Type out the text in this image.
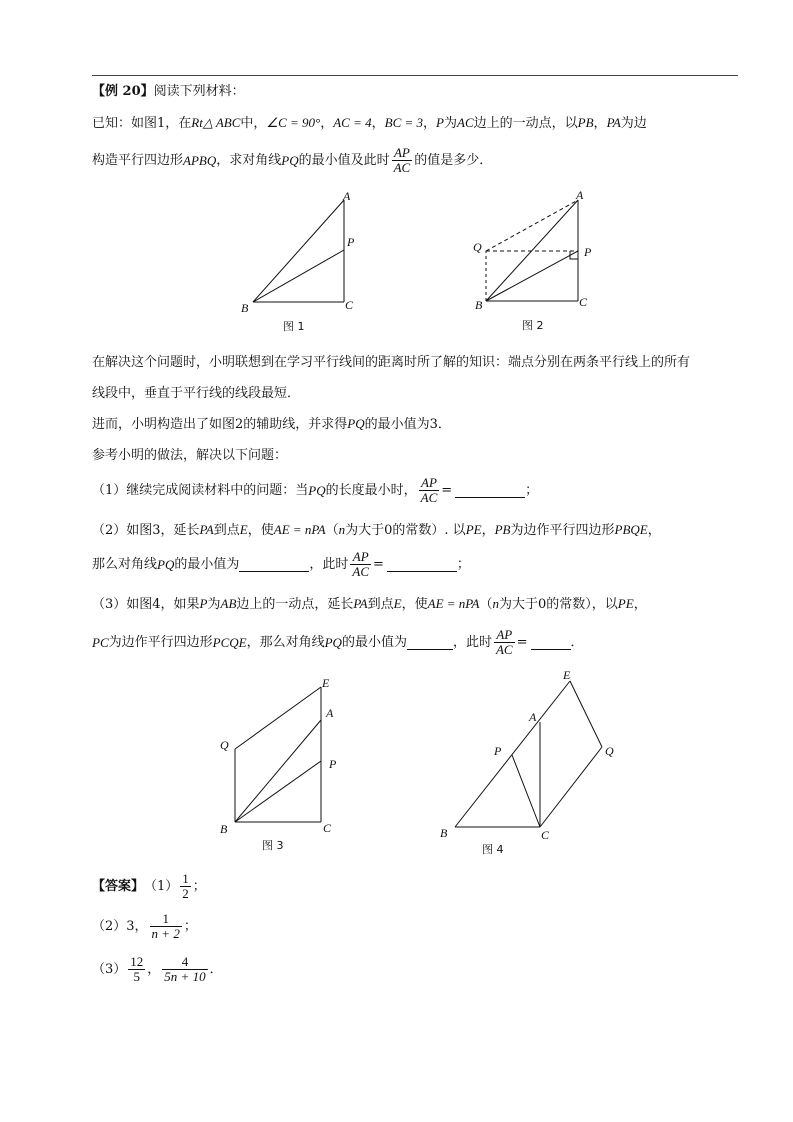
【例 20】阅读下列材料：
已知：如图1，在Rt△ ABC中，∠C = 90°，AC = 4，BC = 3，P为AC边上的一动点，以PB，PA为边
构造平行四边形 APBQ ，求对角线 PQ 的最小值及此时 $\frac{AP}{AC}$ 的值是多少．
A
P
B	C
图 1
A
Q	P
B	C
图 2
在解决这个问题时，小明联想到在学习平行线间的距离时所了解的知识：端点分别在两条平行线上的所有
线段中，垂直于平行线的线段最短．
进而，小明构造出了如图2的辅助线，并求得PQ的最小值为3．
参考小明的做法，解决以下问题：
（1）继续完成阅读材料中的问题：当 PQ 的长度最小时， $\frac{AP}{AC}$ =	；
（2）如图3，延长PA到点E，使AE = nPA（n为大于0的常数）. 以PE，PB为边作平行四边形PBQE，
那么对角线 PQ 的最小值为	，此时 $\frac{AP}{AC}$ =	；
（3）如图4，如果P为AB边上的一动点，延长PA到点E，使AE = nPA（n为大于0的常数），以PE，
PC 为边作平行四边形 PCQE ，那么对角线 PQ 的最小值为	，此时 $\frac{AP}{AC}$ =	．
E
A
Q
P
B	C
图 3
E
A
P	Q
B	C
图 4
【答案】 $(1) \frac{1}{2}$ ；
（2）3， $\frac{1}{n + 2}$ ；
$(3) \frac{12}{5}$ ， $\frac{4}{5n + 10}$ ．
